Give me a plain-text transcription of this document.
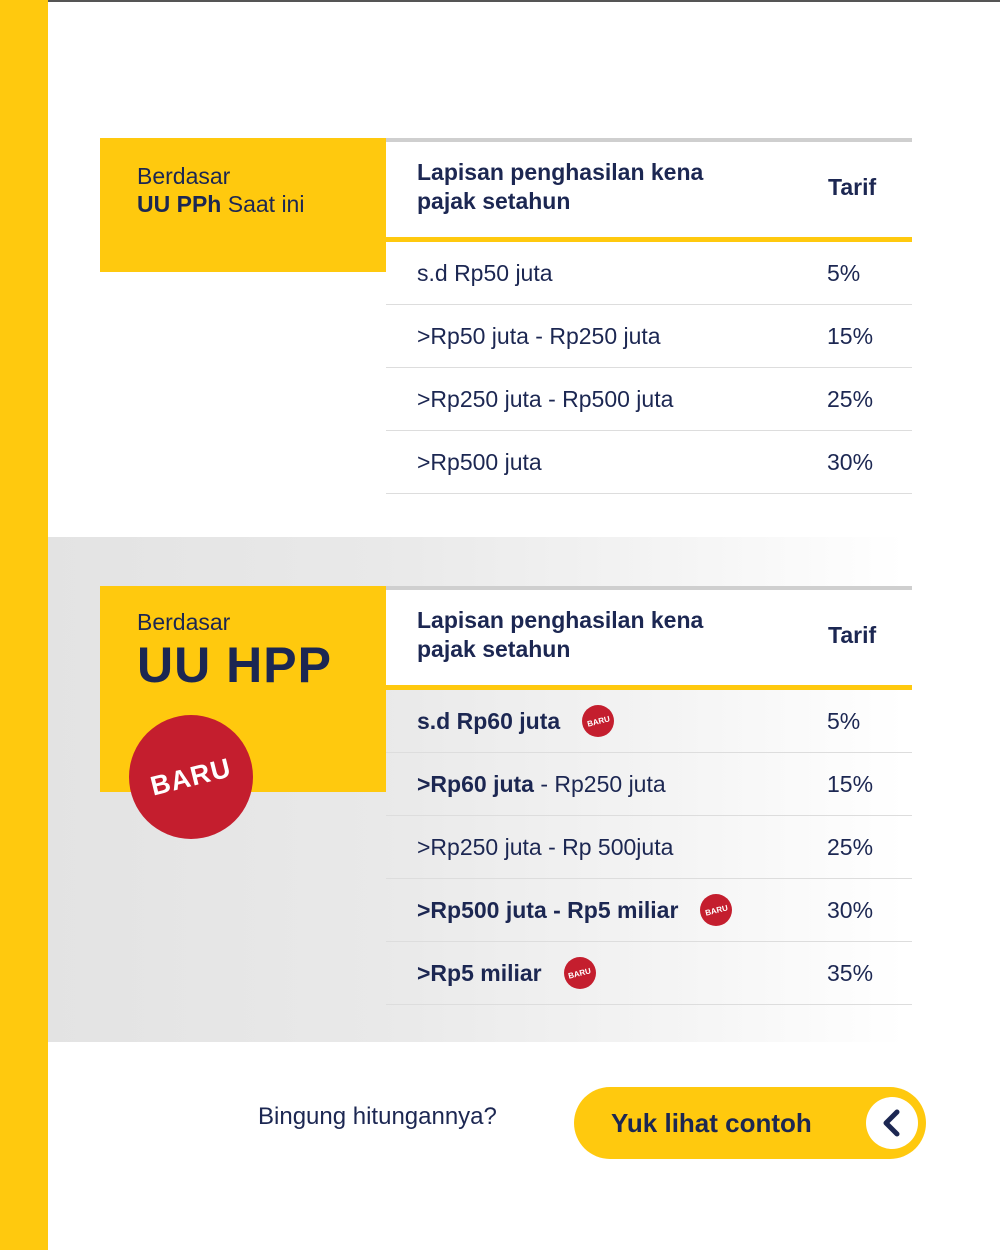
Berdasar
UU PPh Saat ini
Lapisan penghasilan kena pajak setahun
Tarif
s.d Rp50 juta	5%
>Rp50 juta - Rp250 juta	15%
>Rp250 juta - Rp500 juta	25%
>Rp500 juta	30%
Berdasar
UU HPP
BARU
Lapisan penghasilan kena pajak setahun
Tarif
s.d Rp60 juta	BARU	5%
>Rp60 juta - Rp250 juta	15%
>Rp250 juta - Rp 500juta	25%
>Rp500 juta - Rp5 miliar	BARU	30%
>Rp5 miliar	BARU	35%
Bingung hitungannya?	Yuk lihat contoh
